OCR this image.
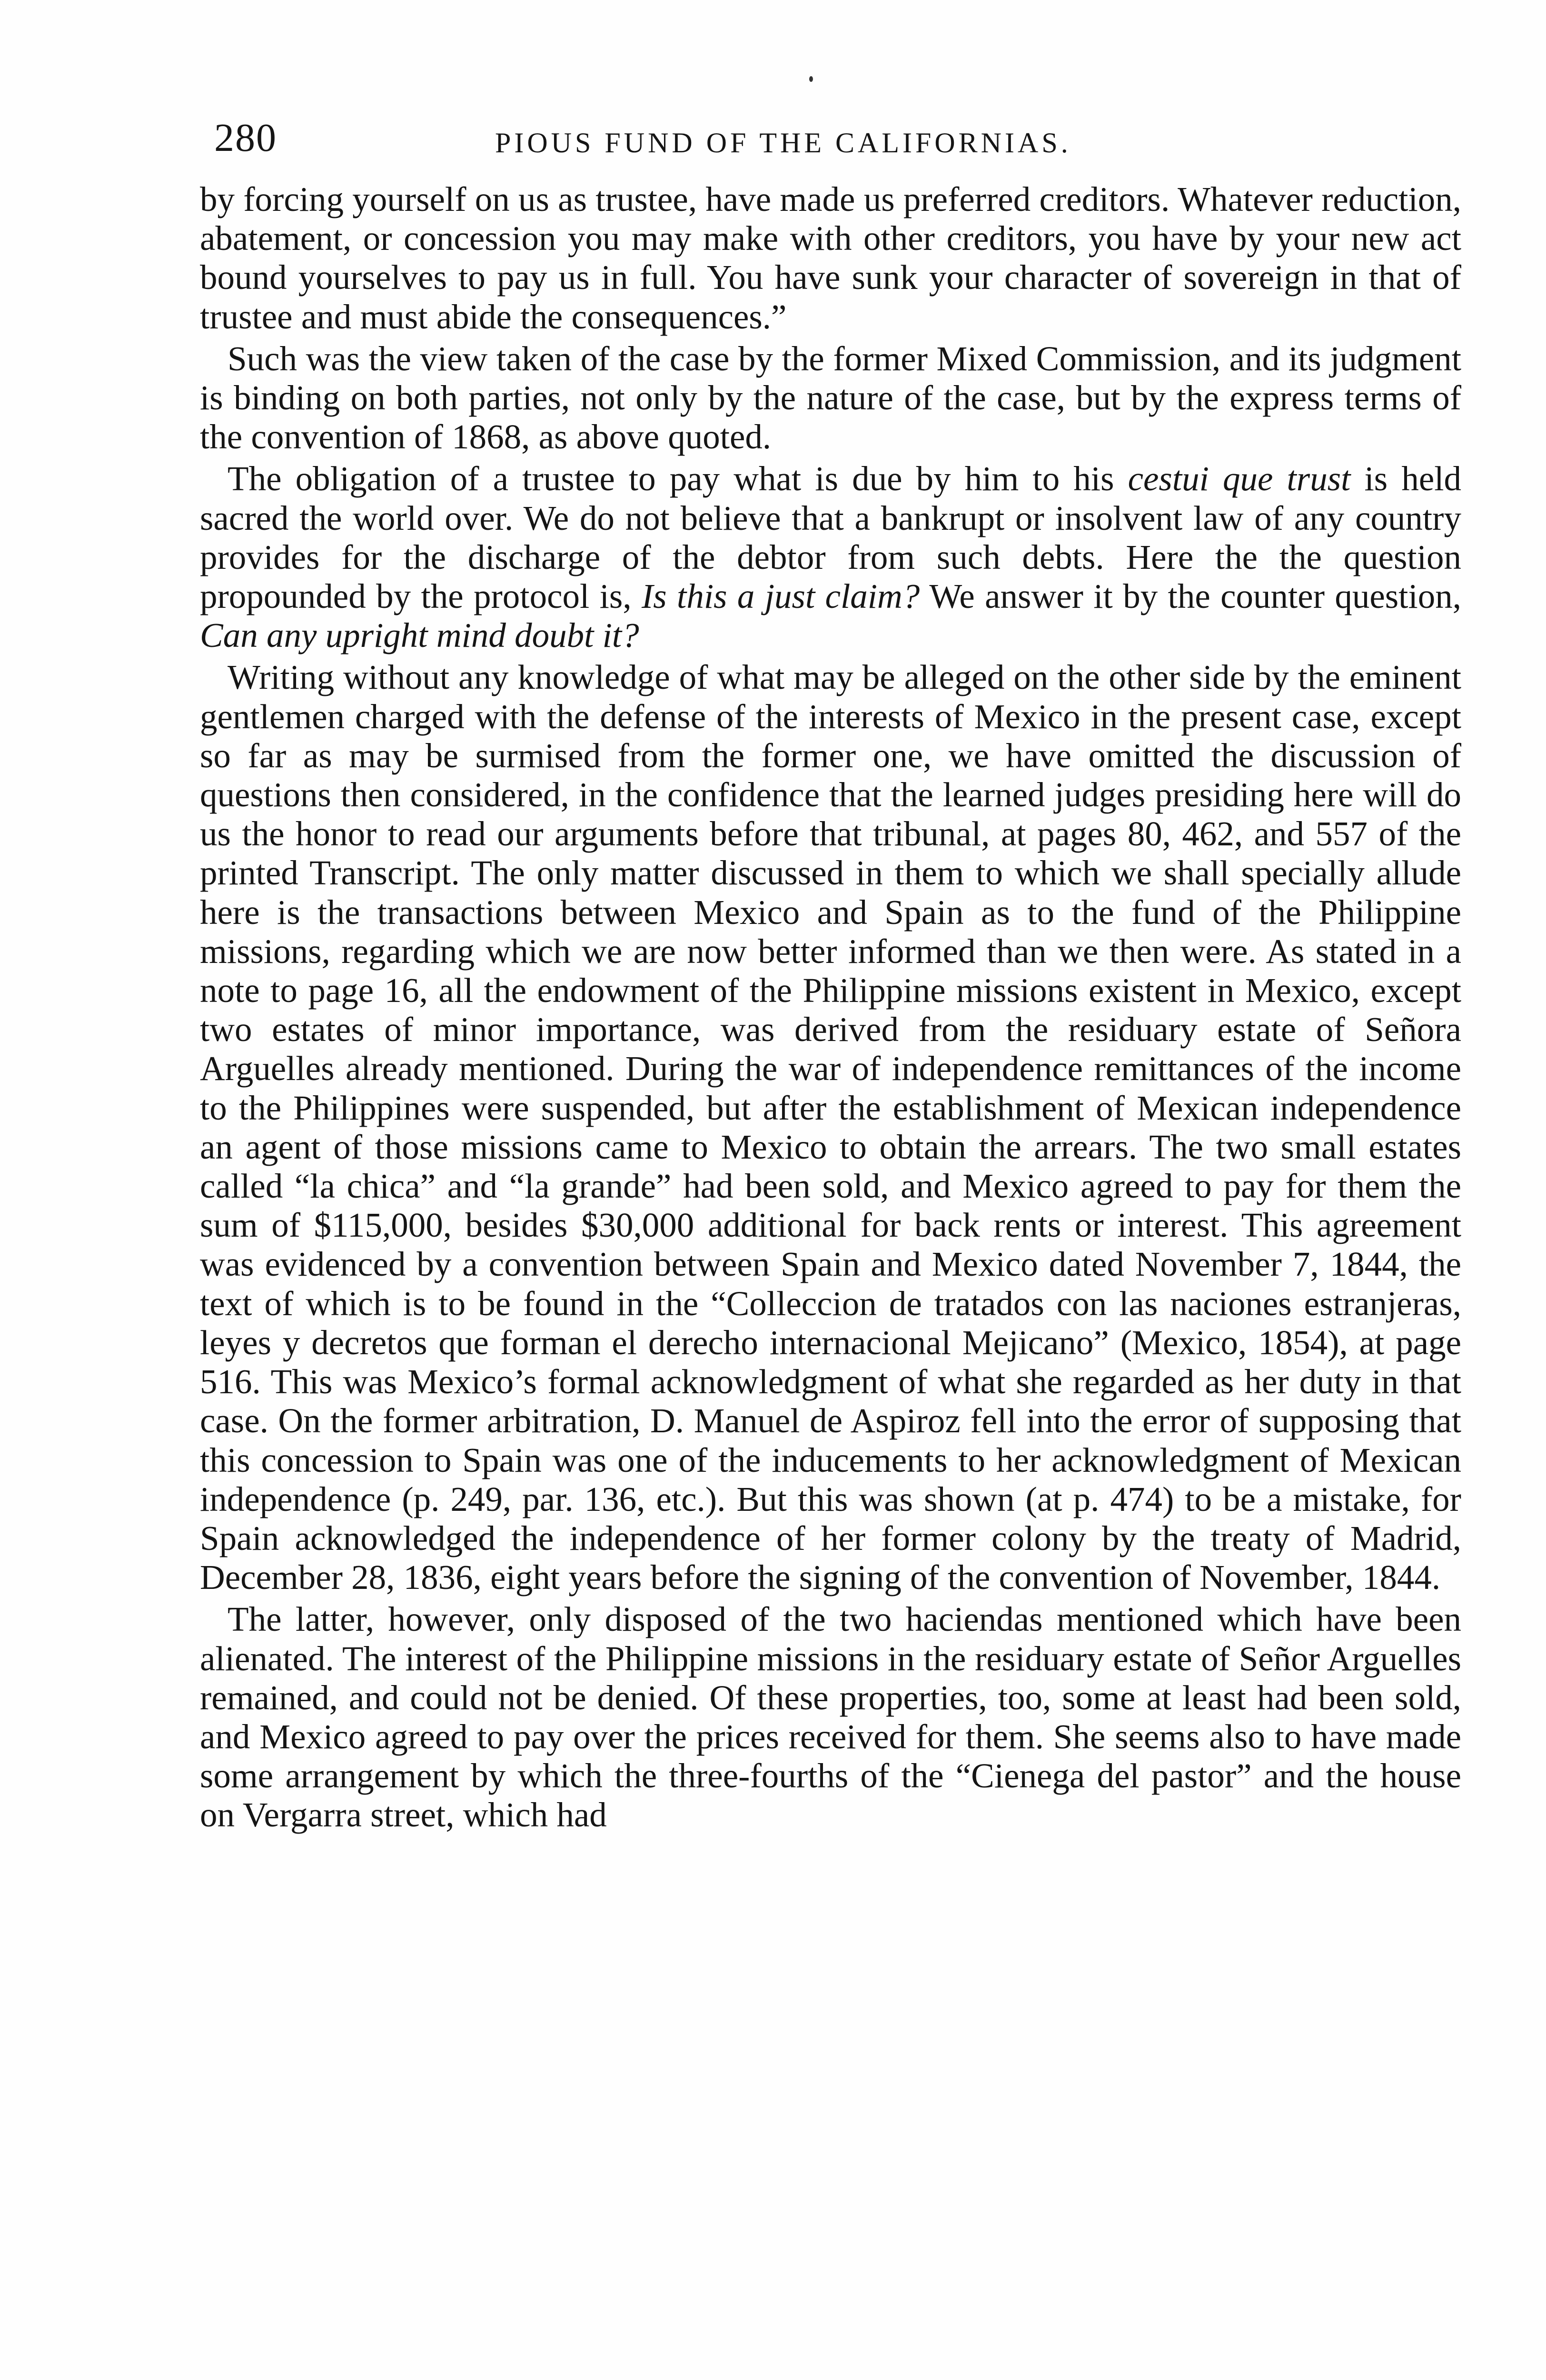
280	PIOUS FUND OF THE CALIFORNIAS.

by forcing yourself on us as trustee, have made us preferred creditors. Whatever reduction, abatement, or concession you may make with other creditors, you have by your new act bound yourselves to pay us in full. You have sunk your character of sovereign in that of trustee and must abide the consequences.”

Such was the view taken of the case by the former Mixed Commission, and its judgment is binding on both parties, not only by the nature of the case, but by the express terms of the convention of 1868, as above quoted.

The obligation of a trustee to pay what is due by him to his cestui que trust is held sacred the world over. We do not believe that a bankrupt or insolvent law of any country provides for the discharge of the debtor from such debts. Here the the question propounded by the protocol is, Is this a just claim? We answer it by the counter question, Can any upright mind doubt it?

Writing without any knowledge of what may be alleged on the other side by the eminent gentlemen charged with the defense of the interests of Mexico in the present case, except so far as may be surmised from the former one, we have omitted the discussion of questions then considered, in the confidence that the learned judges presiding here will do us the honor to read our arguments before that tribunal, at pages 80, 462, and 557 of the printed Transcript. The only matter discussed in them to which we shall specially allude here is the transactions between Mexico and Spain as to the fund of the Philippine missions, regarding which we are now better informed than we then were. As stated in a note to page 16, all the endowment of the Philippine missions existent in Mexico, except two estates of minor importance, was derived from the residuary estate of Señora Arguelles already mentioned. During the war of independence remittances of the income to the Philippines were suspended, but after the establishment of Mexican independence an agent of those missions came to Mexico to obtain the arrears. The two small estates called “la chica” and “la grande” had been sold, and Mexico agreed to pay for them the sum of $115,000, besides $30,000 additional for back rents or interest. This agreement was evidenced by a convention between Spain and Mexico dated November 7, 1844, the text of which is to be found in the “Colleccion de tratados con las naciones estranjeras, leyes y decretos que forman el derecho internacional Mejicano” (Mexico, 1854), at page 516. This was Mexico’s formal acknowledgment of what she regarded as her duty in that case. On the former arbitration, D. Manuel de Aspiroz fell into the error of supposing that this concession to Spain was one of the inducements to her acknowledgment of Mexican independence (p. 249, par. 136, etc.). But this was shown (at p. 474) to be a mistake, for Spain acknowledged the independence of her former colony by the treaty of Madrid, December 28, 1836, eight years before the signing of the convention of November, 1844.

The latter, however, only disposed of the two haciendas mentioned which have been alienated. The interest of the Philippine missions in the residuary estate of Señor Arguelles remained, and could not be denied. Of these properties, too, some at least had been sold, and Mexico agreed to pay over the prices received for them. She seems also to have made some arrangement by which the three-fourths of the “Cienega del pastor” and the house on Vergarra street, which had
